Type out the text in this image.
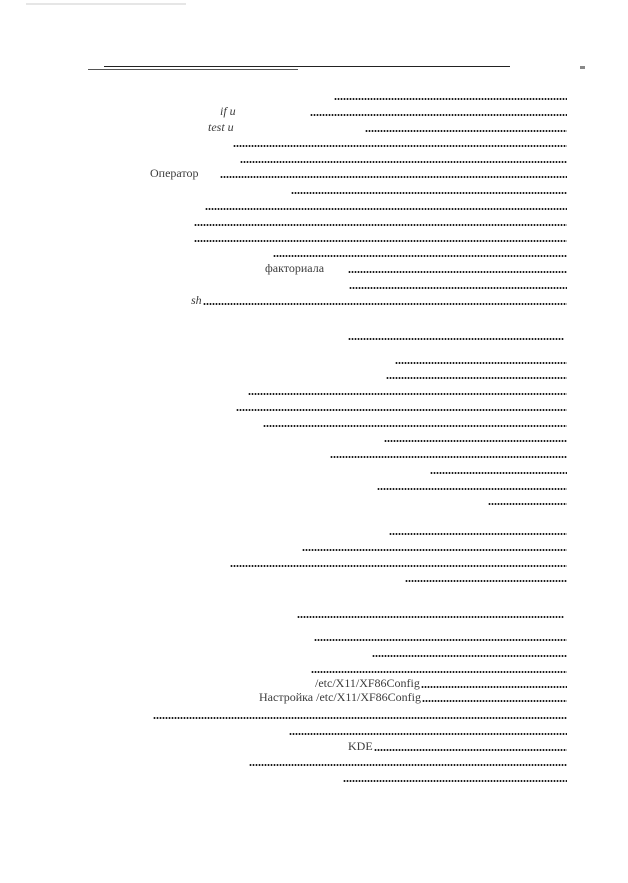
if и
test и
Оператор
факториала
sh
/etc/X11/XF86Config
Настройка /etc/X11/XF86Config
KDE
